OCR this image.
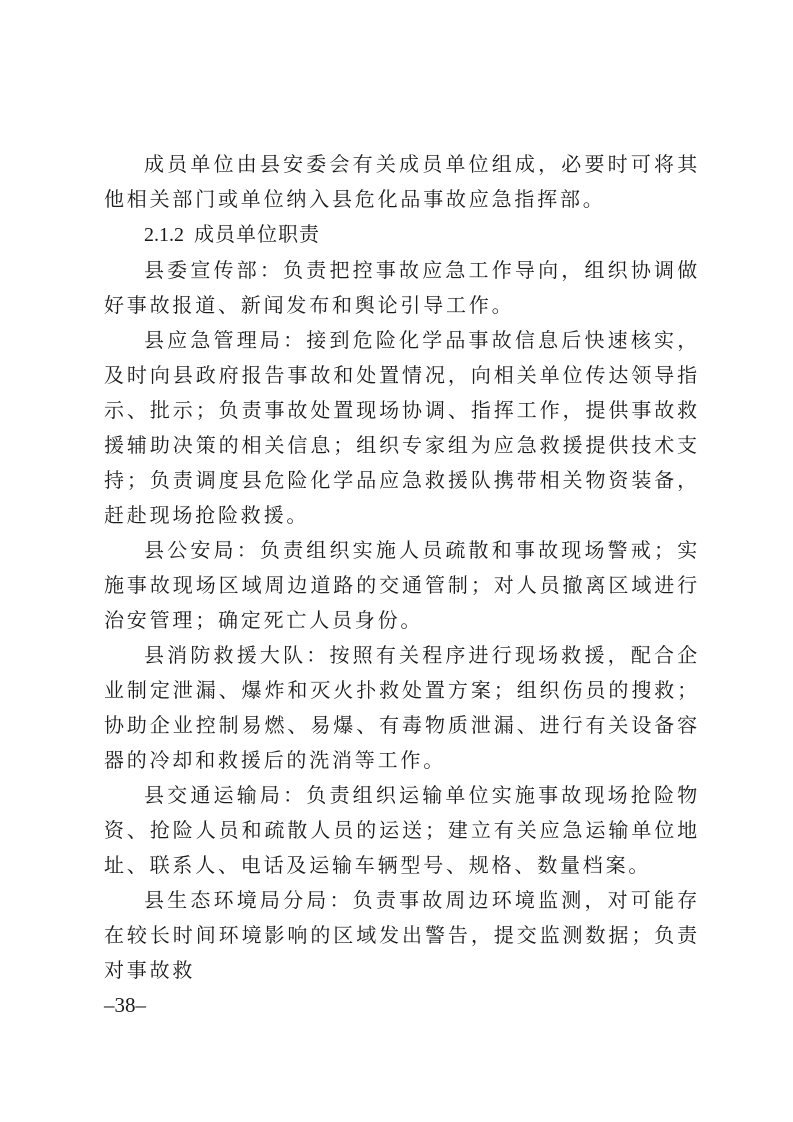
成员单位由县安委会有关成员单位组成，必要时可将其他相关部门或单位纳入县危化品事故应急指挥部。

2.1.2 成员单位职责

县委宣传部：负责把控事故应急工作导向，组织协调做好事故报道、新闻发布和舆论引导工作。

县应急管理局：接到危险化学品事故信息后快速核实，及时向县政府报告事故和处置情况，向相关单位传达领导指示、批示；负责事故处置现场协调、指挥工作，提供事故救援辅助决策的相关信息；组织专家组为应急救援提供技术支持；负责调度县危险化学品应急救援队携带相关物资装备，赶赴现场抢险救援。

县公安局：负责组织实施人员疏散和事故现场警戒；实施事故现场区域周边道路的交通管制；对人员撤离区域进行治安管理；确定死亡人员身份。

县消防救援大队：按照有关程序进行现场救援，配合企业制定泄漏、爆炸和灭火扑救处置方案；组织伤员的搜救；协助企业控制易燃、易爆、有毒物质泄漏、进行有关设备容器的冷却和救援后的洗消等工作。

县交通运输局：负责组织运输单位实施事故现场抢险物资、抢险人员和疏散人员的运送；建立有关应急运输单位地址、联系人、电话及运输车辆型号、规格、数量档案。

县生态环境局分局：负责事故周边环境监测，对可能存在较长时间环境影响的区域发出警告，提交监测数据；负责对事故救

–38–
